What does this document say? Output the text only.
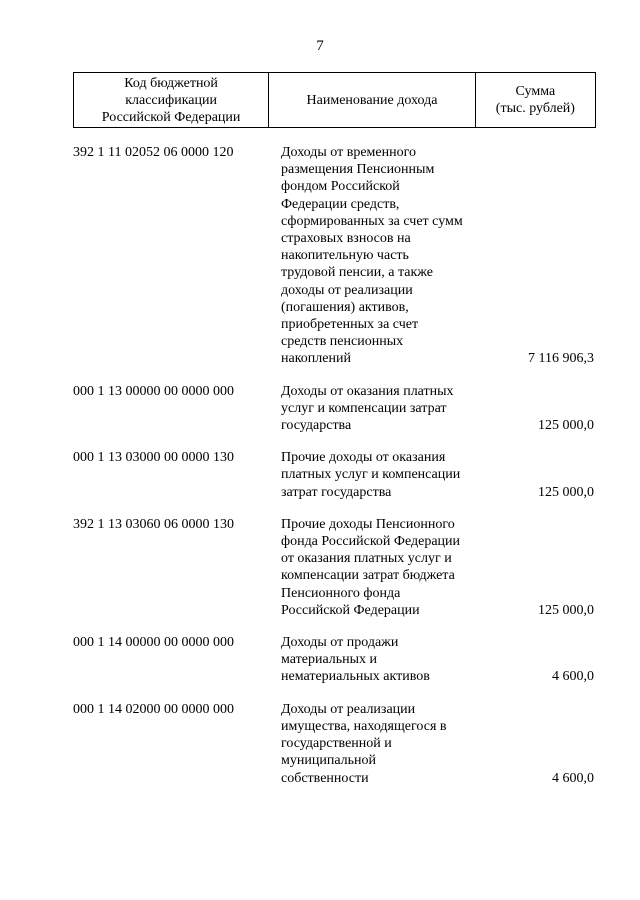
7
Код бюджетной
классификации
Российской Федерации	Наименование дохода	Сумма
(тыс. рублей)
392 1 11 02052 06 0000 120	Доходы от временного
размещения Пенсионным
фондом Российской
Федерации средств,
сформированных за счет сумм
страховых взносов на
накопительную часть
трудовой пенсии, а также
доходы от реализации
(погашения) активов,
приобретенных за счет
средств пенсионных
накоплений	7 116 906,3
000 1 13 00000 00 0000 000	Доходы от оказания платных
услуг и компенсации затрат
государства	125 000,0
000 1 13 03000 00 0000 130	Прочие доходы от оказания
платных услуг и компенсации
затрат государства	125 000,0
392 1 13 03060 06 0000 130	Прочие доходы Пенсионного
фонда Российской Федерации
от оказания платных услуг и
компенсации затрат бюджета
Пенсионного фонда
Российской Федерации	125 000,0
000 1 14 00000 00 0000 000	Доходы от продажи
материальных и
нематериальных активов	4 600,0
000 1 14 02000 00 0000 000	Доходы от реализации
имущества, находящегося в
государственной и
муниципальной
собственности	4 600,0
